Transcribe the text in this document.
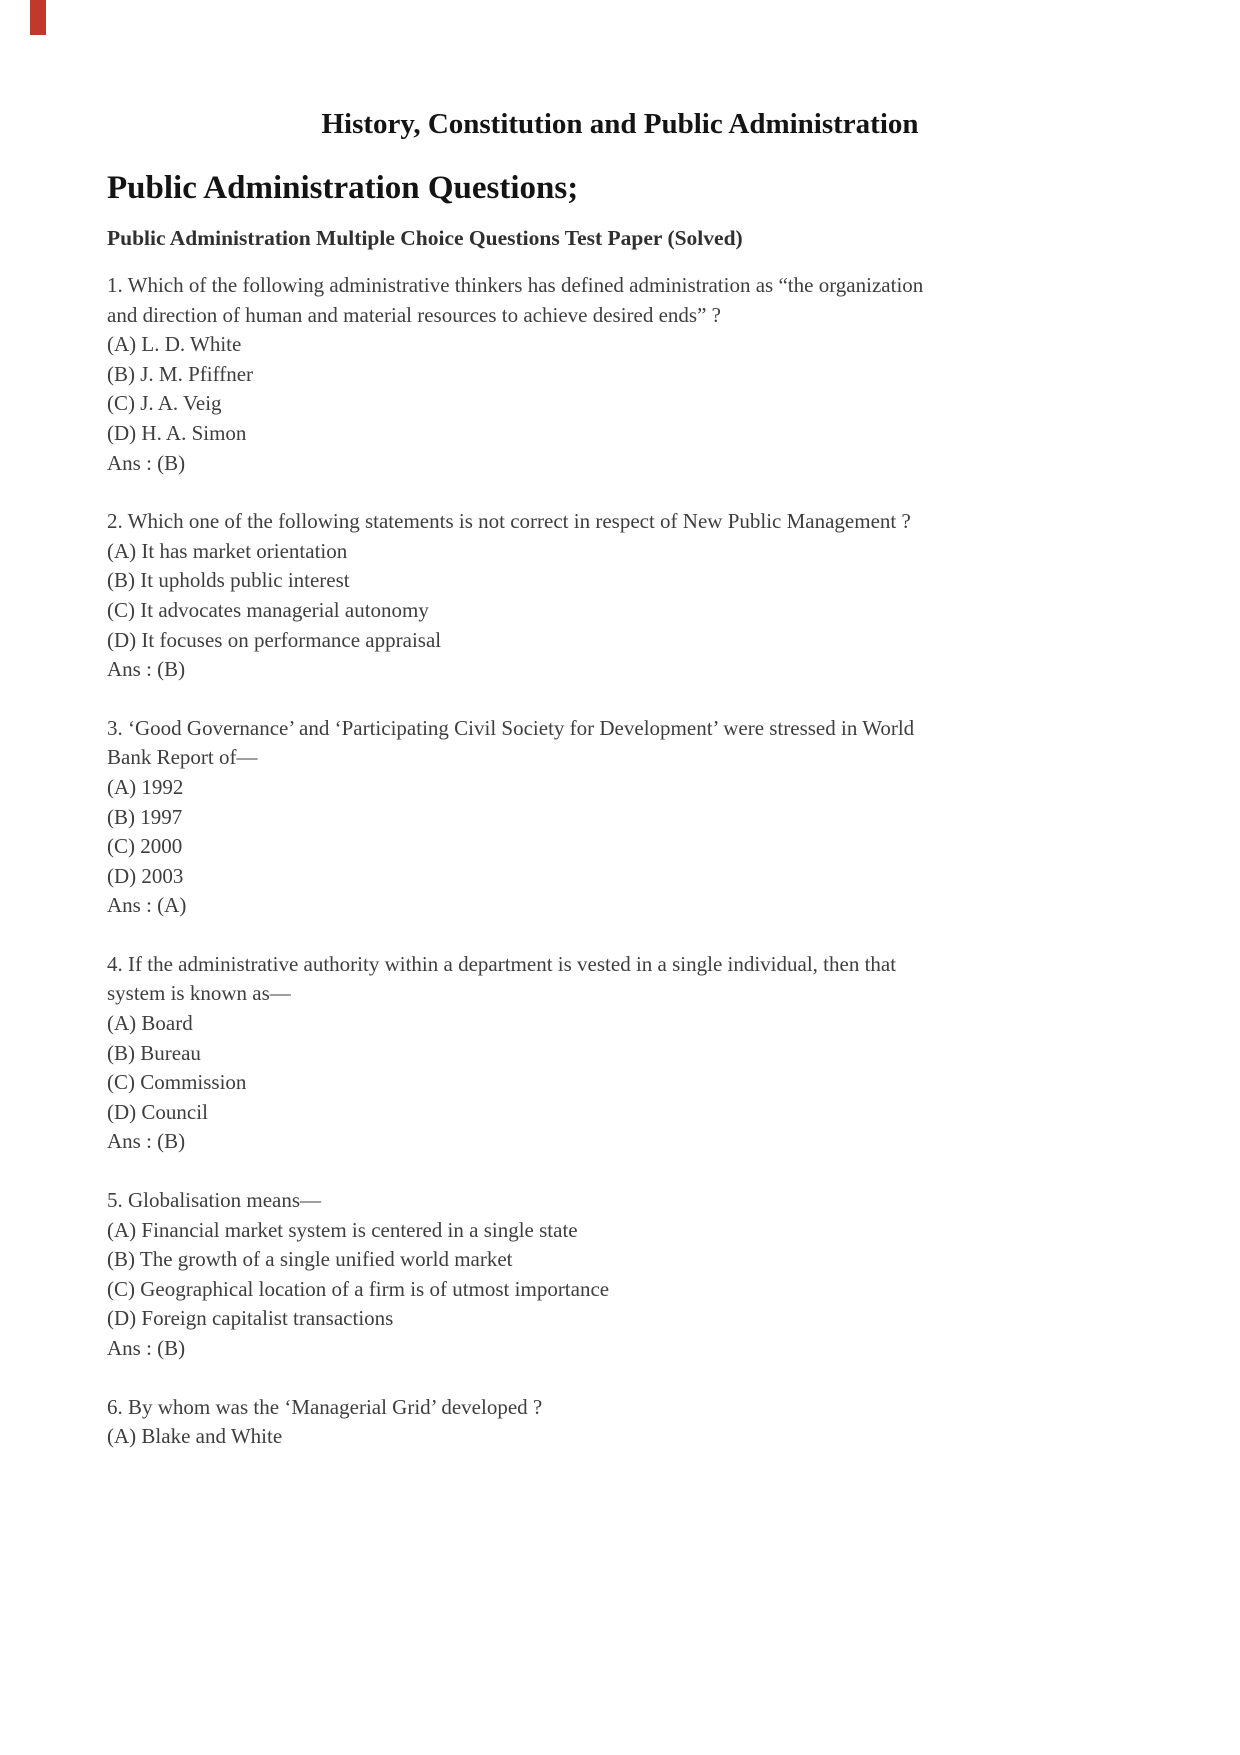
History, Constitution and Public Administration
Public Administration Questions;
Public Administration Multiple Choice Questions Test Paper (Solved)
1. Which of the following administrative thinkers has defined administration as “the organization
and direction of human and material resources to achieve desired ends” ?
(A) L. D. White
(B) J. M. Pfiffner
(C) J. A. Veig
(D) H. A. Simon
Ans : (B)
2. Which one of the following statements is not correct in respect of New Public Management ?
(A) It has market orientation
(B) It upholds public interest
(C) It advocates managerial autonomy
(D) It focuses on performance appraisal
Ans : (B)
3. ‘Good Governance’ and ‘Participating Civil Society for Development’ were stressed in World
Bank Report of—
(A) 1992
(B) 1997
(C) 2000
(D) 2003
Ans : (A)
4. If the administrative authority within a department is vested in a single individual, then that
system is known as—
(A) Board
(B) Bureau
(C) Commission
(D) Council
Ans : (B)
5. Globalisation means—
(A) Financial market system is centered in a single state
(B) The growth of a single unified world market
(C) Geographical location of a firm is of utmost importance
(D) Foreign capitalist transactions
Ans : (B)
6. By whom was the ‘Managerial Grid’ developed ?
(A) Blake and White
